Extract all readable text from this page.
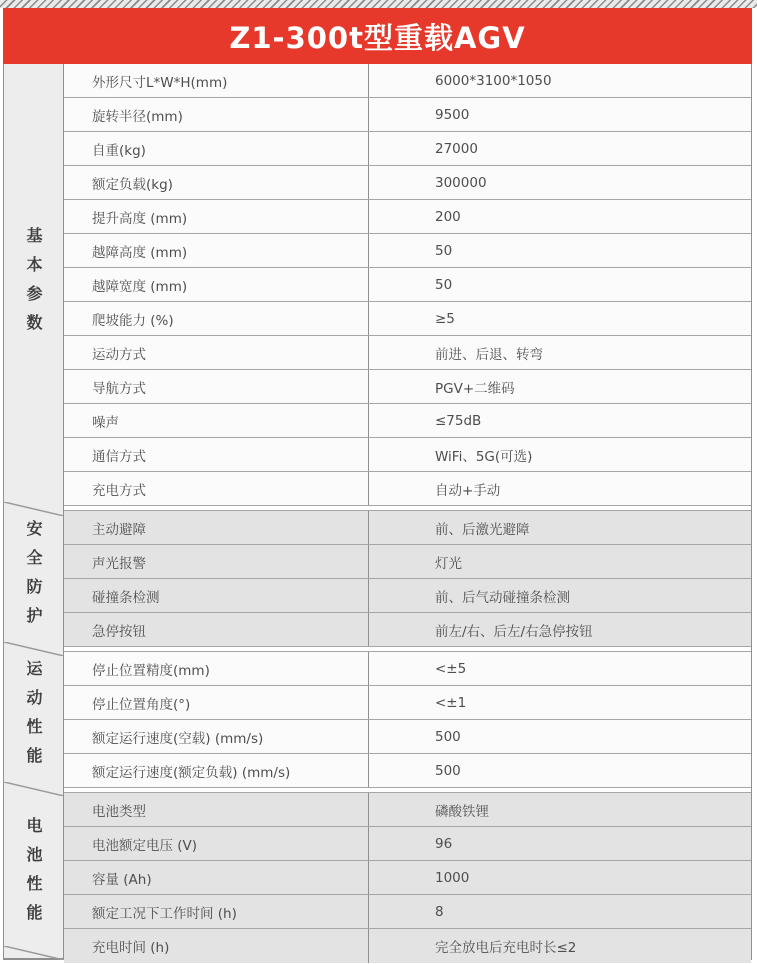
Z1-300t型重载AGV
基本参数
安全防护
运动性能
电池性能
外形尺寸L*W*H(mm)	6000*3100*1050
旋转半径(mm)	9500
自重(kg)	27000
额定负载(kg)	300000
提升高度 (mm)	200
越障高度 (mm)	50
越障宽度 (mm)	50
爬坡能力 (%)	≥5
运动方式	前进、后退、转弯
导航方式	PGV+二维码
噪声	≤75dB
通信方式	WiFi、5G(可选)
充电方式	自动+手动
主动避障	前、后激光避障
声光报警	灯光
碰撞条检测	前、后气动碰撞条检测
急停按钮	前左/右、后左/右急停按钮
停止位置精度(mm)	<±5
停止位置角度(°)	<±1
额定运行速度(空载) (mm/s)	500
额定运行速度(额定负载) (mm/s)	500
电池类型	磷酸铁锂
电池额定电压 (V)	96
容量 (Ah)	1000
额定工况下工作时间 (h)	8
充电时间 (h)	完全放电后充电时长≤2
